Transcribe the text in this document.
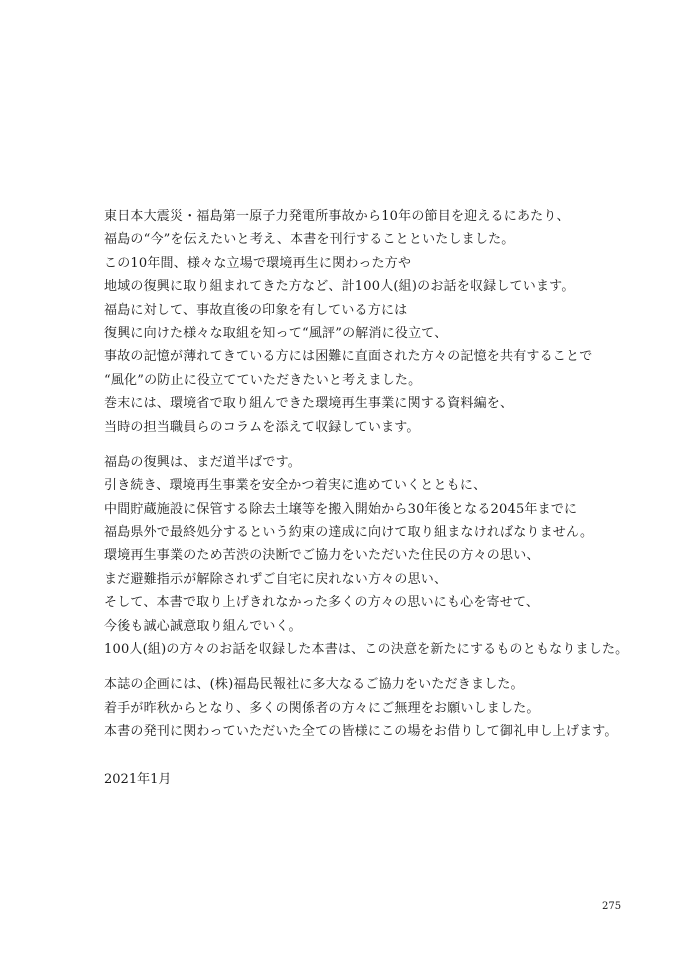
東日本大震災・福島第一原子力発電所事故から10年の節目を迎えるにあたり、
福島の“今”を伝えたいと考え、本書を刊行することといたしました。
この10年間、様々な立場で環境再生に関わった方や
地域の復興に取り組まれてきた方など、計100人(組)のお話を収録しています。
福島に対して、事故直後の印象を有している方には
復興に向けた様々な取組を知って“風評”の解消に役立て、
事故の記憶が薄れてきている方には困難に直面された方々の記憶を共有することで
“風化”の防止に役立てていただきたいと考えました。
巻末には、環境省で取り組んできた環境再生事業に関する資料編を、
当時の担当職員らのコラムを添えて収録しています。
福島の復興は、まだ道半ばです。
引き続き、環境再生事業を安全かつ着実に進めていくとともに、
中間貯蔵施設に保管する除去土壌等を搬入開始から30年後となる2045年までに
福島県外で最終処分するという約束の達成に向けて取り組まなければなりません。
環境再生事業のため苦渋の決断でご協力をいただいた住民の方々の思い、
まだ避難指示が解除されずご自宅に戻れない方々の思い、
そして、本書で取り上げきれなかった多くの方々の思いにも心を寄せて、
今後も誠心誠意取り組んでいく。
100人(組)の方々のお話を収録した本書は、この決意を新たにするものともなりました。
本誌の企画には、(株)福島民報社に多大なるご協力をいただきました。
着手が昨秋からとなり、多くの関係者の方々にご無理をお願いしました。
本書の発刊に関わっていただいた全ての皆様にこの場をお借りして御礼申し上げます。
2021年1月
275
